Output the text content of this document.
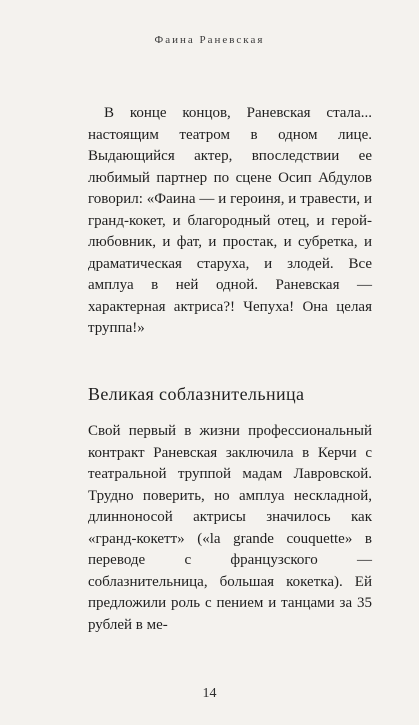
Фаина Раневская

В конце концов, Раневская стала... настоящим театром в одном лице. Выдающийся актер, впоследствии ее любимый партнер по сцене Осип Абдулов говорил: «Фаина — и героиня, и травести, и гранд-кокет, и благородный отец, и герой-любовник, и фат, и простак, и субретка, и драматическая старуха, и злодей. Все амплуа в ней одной. Раневская — характерная актриса?! Чепуха! Она целая труппа!»

Великая соблазнительница

Свой первый в жизни профессиональный контракт Раневская заключила в Керчи с театральной труппой мадам Лавровской. Трудно поверить, но амплуа нескладной, длинноносой актрисы значилось как «гранд-кокетт» («la grande couquette» в переводе с французского — соблазнительница, большая кокетка). Ей предложили роль с пением и танцами за 35 рублей в ме-

14
